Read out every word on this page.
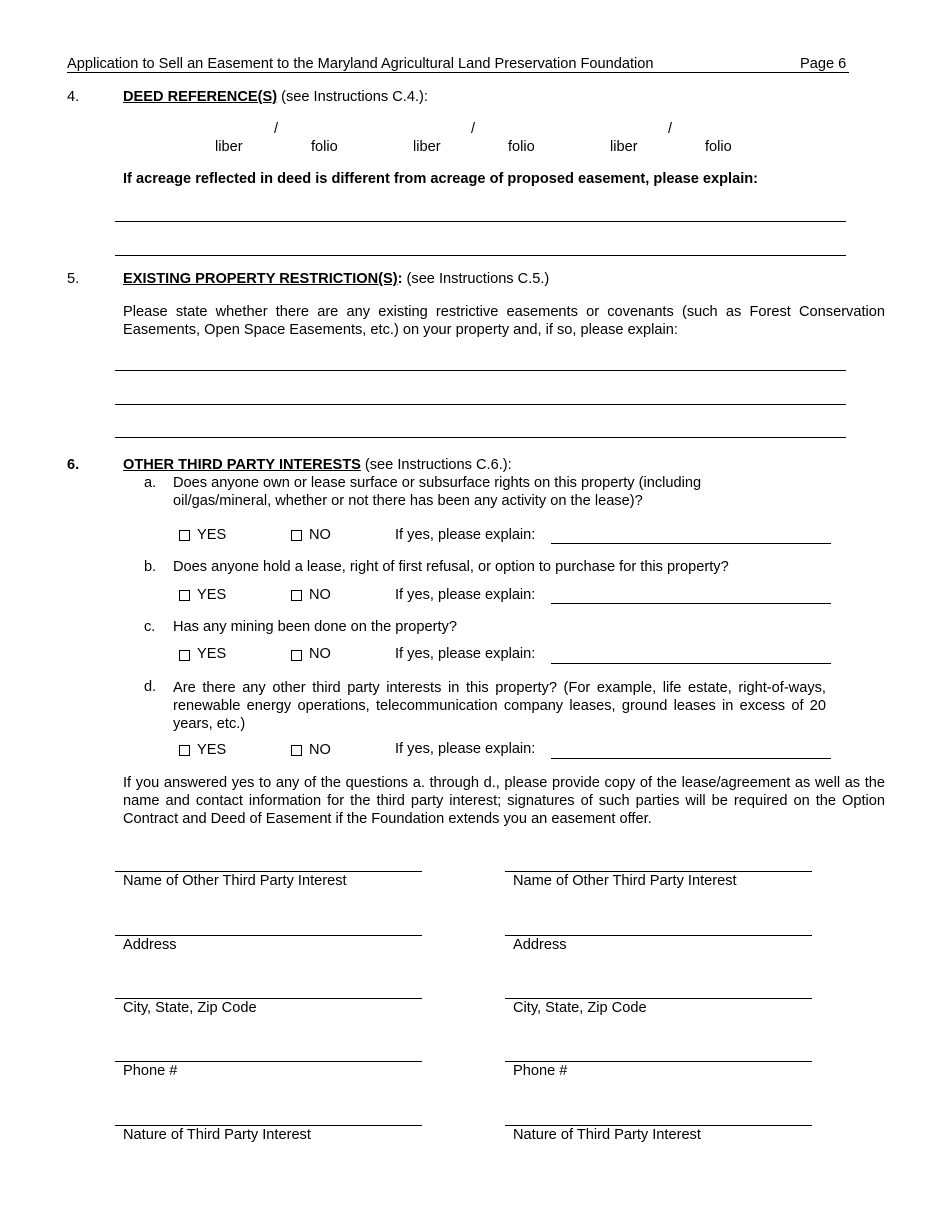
Application to Sell an Easement to the Maryland Agricultural Land Preservation Foundation	Page 6
4.	DEED REFERENCE(S) (see Instructions C.4.):
/	/	/
liber	folio	liber	folio	liber	folio
If acreage reflected in deed is different from acreage of proposed easement, please explain:
5.	EXISTING PROPERTY RESTRICTION(S): (see Instructions C.5.)
Please state whether there are any existing restrictive easements or covenants (such as Forest Conservation Easements, Open Space Easements, etc.) on your property and, if so, please explain:
6.	OTHER THIRD PARTY INTERESTS (see Instructions C.6.):
a. Does anyone own or lease surface or subsurface rights on this property (including
oil/gas/mineral, whether or not there has been any activity on the lease)?
YES	NO	If yes, please explain:
b. Does anyone hold a lease, right of first refusal, or option to purchase for this property?
YES	NO	If yes, please explain:
c. Has any mining been done on the property?
YES	NO	If yes, please explain:
d. Are there any other third party interests in this property? (For example, life estate, right-of-ways, renewable energy operations, telecommunication company leases, ground leases in excess of 20 years, etc.)
YES	NO	If yes, please explain:
If you answered yes to any of the questions a. through d., please provide copy of the lease/agreement as well as the name and contact information for the third party interest; signatures of such parties will be required on the Option Contract and Deed of Easement if the Foundation extends you an easement offer.
Name of Other Third Party Interest
Address
City, State, Zip Code
Phone #
Nature of Third Party Interest
Name of Other Third Party Interest
Address
City, State, Zip Code
Phone #
Nature of Third Party Interest
